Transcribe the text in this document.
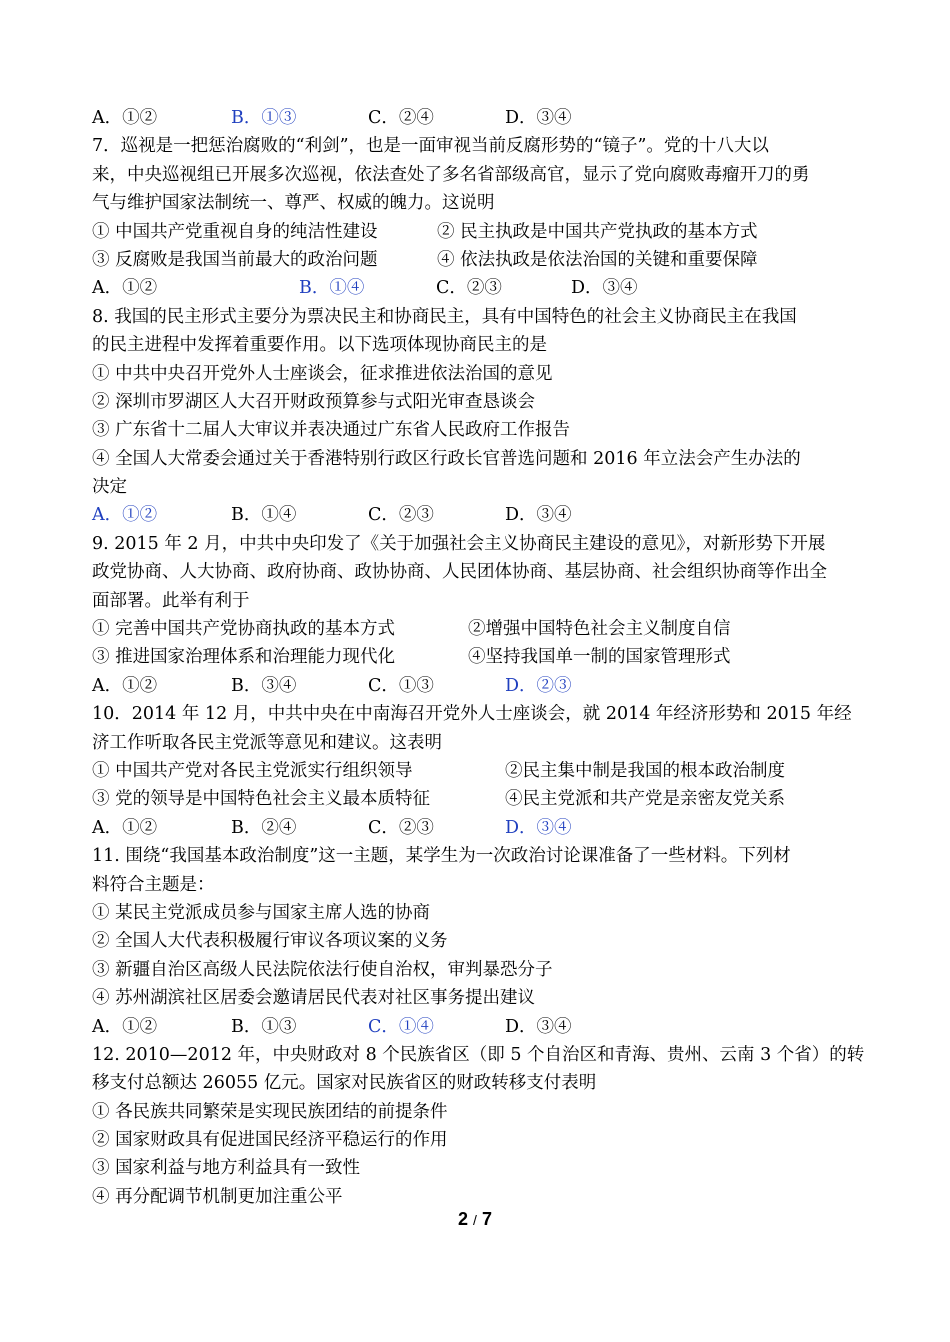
A．①②	B．①③	C．②④	D．③④
7．巡视是一把惩治腐败的“利剑”，也是一面审视当前反腐形势的“镜子”。党的十八大以
来，中央巡视组已开展多次巡视，依法查处了多名省部级高官，显示了党向腐败毒瘤开刀的勇
气与维护国家法制统一、尊严、权威的魄力。这说明
① 中国共产党重视自身的纯洁性建设	② 民主执政是中国共产党执政的基本方式
③ 反腐败是我国当前最大的政治问题	④ 依法执政是依法治国的关键和重要保障
A．①②	B．①④	C．②③	D．③④
8. 我国的民主形式主要分为票决民主和协商民主，具有中国特色的社会主义协商民主在我国
的民主进程中发挥着重要作用。以下选项体现协商民主的是
① 中共中央召开党外人士座谈会，征求推进依法治国的意见
② 深圳市罗湖区人大召开财政预算参与式阳光审查恳谈会
③ 广东省十二届人大审议并表决通过广东省人民政府工作报告
④ 全国人大常委会通过关于香港特别行政区行政长官普选问题和 2016 年立法会产生办法的
决定
A．①②	B．①④	C．②③	D．③④
9. 2015 年 2 月，中共中央印发了《关于加强社会主义协商民主建设的意见》，对新形势下开展
政党协商、人大协商、政府协商、政协协商、人民团体协商、基层协商、社会组织协商等作出全
面部署。此举有利于
① 完善中国共产党协商执政的基本方式	②增强中国特色社会主义制度自信
③ 推进国家治理体系和治理能力现代化	④坚持我国单一制的国家管理形式
A．①②	B．③④	C．①③	D．②③
10．2014 年 12 月，中共中央在中南海召开党外人士座谈会，就 2014 年经济形势和 2015 年经
济工作听取各民主党派等意见和建议。这表明
① 中国共产党对各民主党派实行组织领导	②民主集中制是我国的根本政治制度
③ 党的领导是中国特色社会主义最本质特征	④民主党派和共产党是亲密友党关系
A．①②	B．②④	C．②③	D．③④
11. 围绕“我国基本政治制度”这一主题，某学生为一次政治讨论课准备了一些材料。下列材
料符合主题是：
① 某民主党派成员参与国家主席人选的协商
② 全国人大代表积极履行审议各项议案的义务
③ 新疆自治区高级人民法院依法行使自治权，审判暴恐分子
④ 苏州湖滨社区居委会邀请居民代表对社区事务提出建议
A．①②	B．①③	C．①④	D．③④
12. 2010—2012 年，中央财政对 8 个民族省区（即 5 个自治区和青海、贵州、云南 3 个省）的转
移支付总额达 26055 亿元。国家对民族省区的财政转移支付表明
① 各民族共同繁荣是实现民族团结的前提条件
② 国家财政具有促进国民经济平稳运行的作用
③ 国家利益与地方利益具有一致性
④ 再分配调节机制更加注重公平
2 / 7
